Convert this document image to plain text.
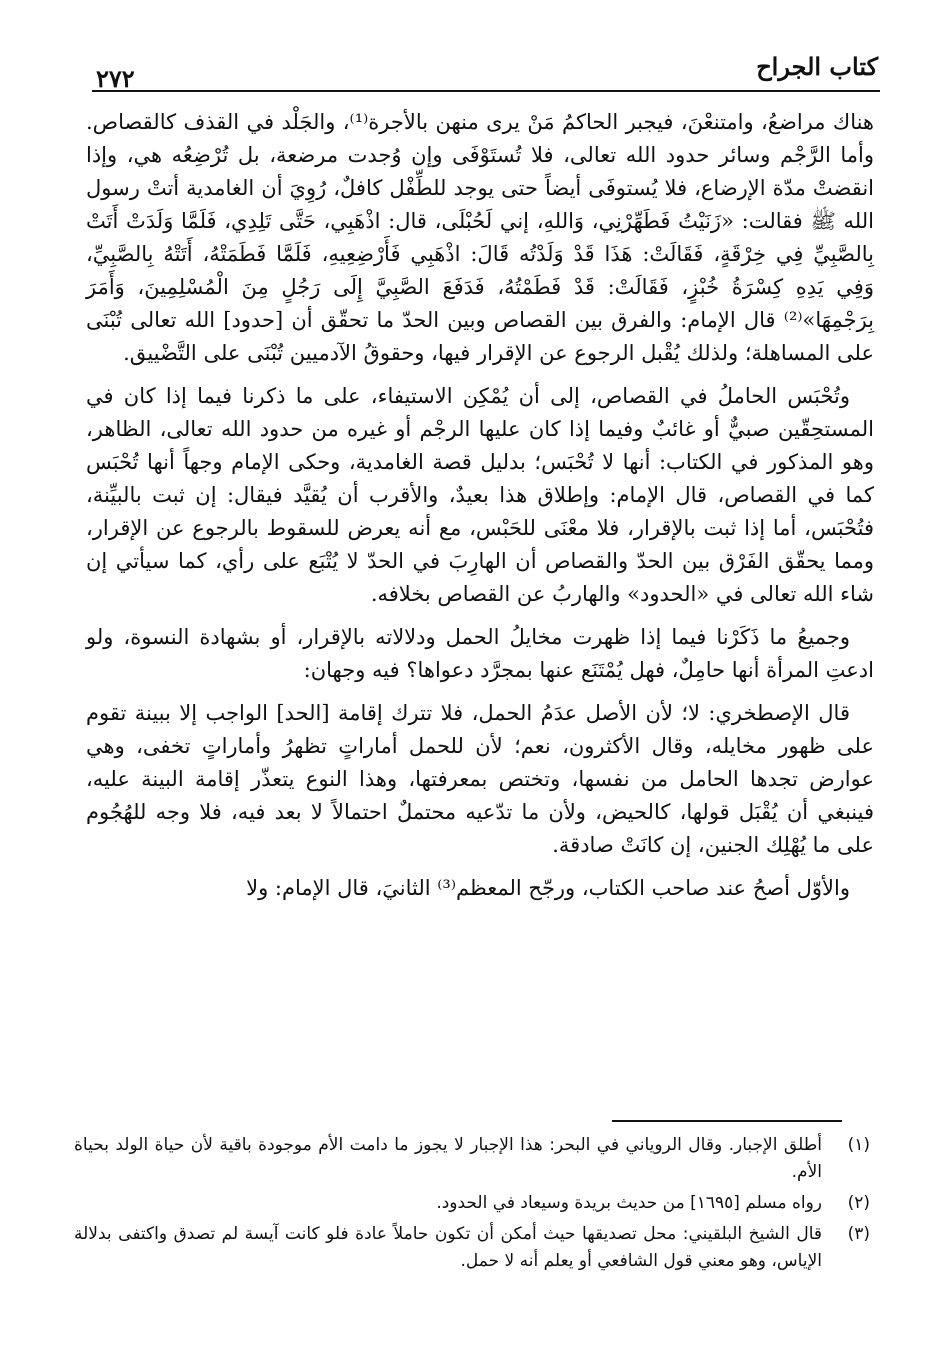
كتاب الجراح
٢٧٢

هناك مراضعُ، وامتنعْنَ، فيجبر الحاكمُ مَنْ يرى منهن بالأجرة⁽¹⁾، والجَلْد في القذف كالقصاص. وأما الرَّجْم وسائر حدود الله تعالى، فلا تُستَوْفَى وإن وُجدت مرضعة، بل تُرْضِعُه هي، وإذا انقضتْ مدّة الإرضاع، فلا يُستوفَى أيضاً حتى يوجد للطِّفْل كافلٌ، رُوِيَ أن الغامدية أتتْ رسول الله ﷺ فقالت: «زَنَيْتُ فَطَهِّرْنِي، وَاللهِ، إني لَحُبْلَى، قال: اذْهَبِي، حَتَّى تَلِدِي، فَلَمَّا وَلَدَتْ أَتَتْ بِالصَّبِيِّ فِي خِرْقَةٍ، فَقَالَتْ: هَذَا قَدْ وَلَدْتُه قَالَ: اذْهَبِي فَأَرْضِعِيهِ، فَلَمَّا فَطَمَتْهُ، أَتَتْهُ بِالصَّبِيِّ، وَفِي يَدِهِ كِسْرَةُ خُبْزٍ، فَقَالَتْ: قَدْ فَطَمْتُهُ، فَدَفَعَ الصَّبِيَّ إِلَى رَجُلٍ مِنَ الْمُسْلِمِينَ، وَأَمَرَ بِرَجْمِهَا»⁽²⁾ قال الإمام: والفرق بين القصاص وبين الحدّ ما تحقّق أن [حدود] الله تعالى تُبْنَى على المساهلة؛ ولذلك يُقْبل الرجوع عن الإقرار فيها، وحقوقُ الآدميين تُبْنَى على التَّضْييق.

وتُحْبَس الحاملُ في القصاص، إلى أن يُمْكِن الاستيفاء، على ما ذكرنا فيما إذا كان في المستحِقّين صبيٌّ أو غائبٌ وفيما إذا كان عليها الرجْم أو غيره من حدود الله تعالى، الظاهر، وهو المذكور في الكتاب: أنها لا تُحْبَس؛ بدليل قصة الغامدية، وحكى الإمام وجهاً أنها تُحْبَس كما في القصاص، قال الإمام: وإطلاق هذا بعيدٌ، والأقرب أن يُقيَّد فيقال: إن ثبت بالبيِّنة، فتُحْبَس، أما إذا ثبت بالإقرار، فلا معْنَى للحَبْس، مع أنه يعرض للسقوط بالرجوع عن الإقرار، ومما يحقّق الفَرْق بين الحدّ والقصاص أن الهارِبَ في الحدّ لا يُتْبَع على رأي، كما سيأتي إن شاء الله تعالى في «الحدود» والهاربُ عن القصاص بخلافه.

وجميعُ ما ذَكَرْنا فيما إذا ظهرت مخايلُ الحمل ودلالاته بالإقرار، أو بشهادة النسوة، ولو ادعتِ المرأة أنها حامِلٌ، فهل يُمْتَنَع عنها بمجرَّد دعواها؟ فيه وجهان:

قال الإصطخري: لا؛ لأن الأصل عدَمُ الحمل، فلا تترك إقامة [الحد] الواجب إلا ببينة تقوم على ظهور مخايله، وقال الأكثرون، نعم؛ لأن للحمل أماراتٍ تظهرُ وأماراتٍ تخفى، وهي عوارض تجدها الحامل من نفسها، وتختص بمعرفتها، وهذا النوع يتعذّر إقامة البينة عليه، فينبغي أن يُقْبَل قولها، كالحيض، ولأن ما تدّعيه محتملٌ احتمالاً لا بعد فيه، فلا وجه للهُجُوم على ما يُهْلِك الجنين، إن كانَتْ صادقة.

والأوّل أصحُ عند صاحب الكتاب، ورجّح المعظم⁽³⁾ الثانيَ، قال الإمام: ولا

(١)
أطلق الإجبار. وقال الروياني في البحر: هذا الإجبار لا يجوز ما دامت الأم موجودة باقية لأن حياة الولد بحياة الأم.
(٢)
رواه مسلم [١٦٩٥] من حديث بريدة وسيعاد في الحدود.
(٣)
قال الشيخ البلقيني: محل تصديقها حيث أمكن أن تكون حاملاً عادة فلو كانت آيسة لم تصدق واكتفى بدلالة الإياس، وهو معني قول الشافعي أو يعلم أنه لا حمل.
